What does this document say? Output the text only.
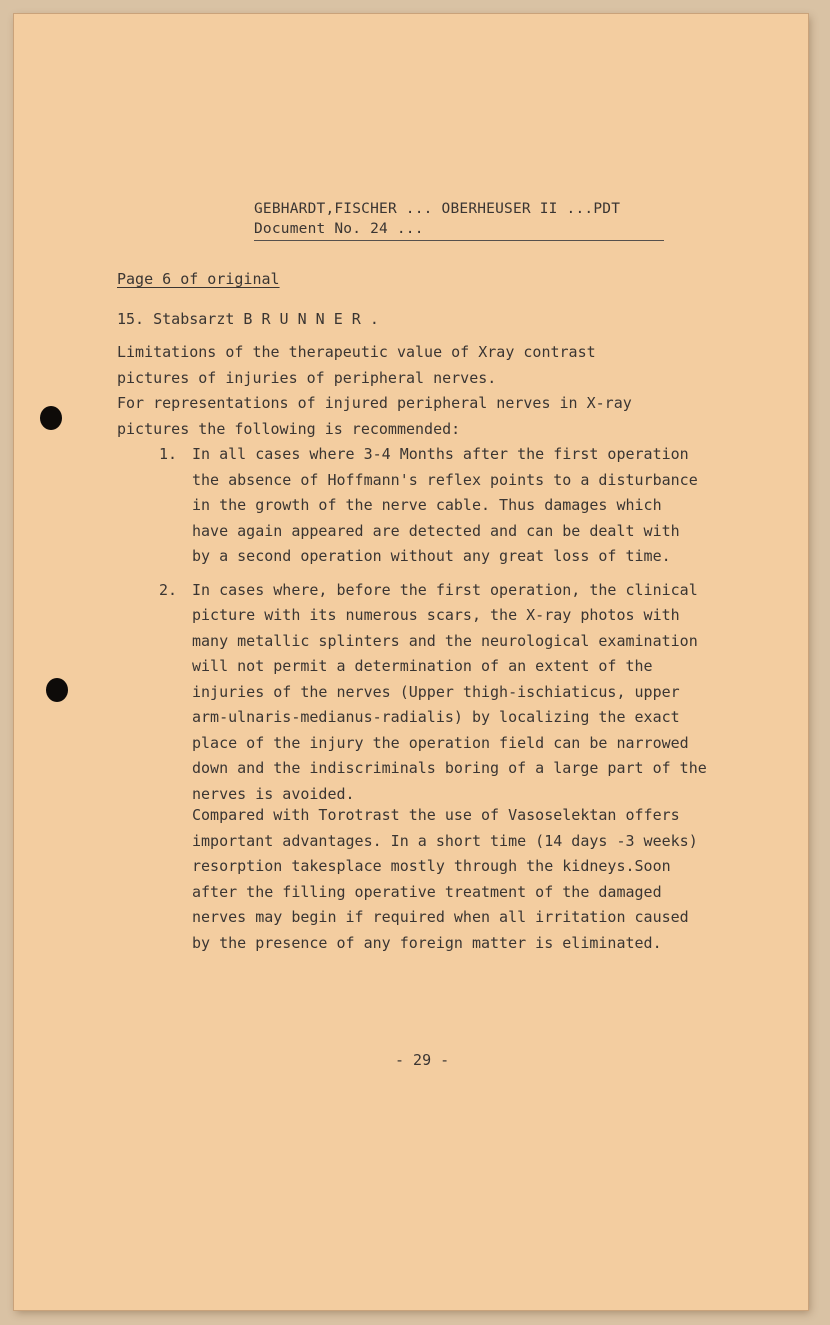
GEBHARDT,FISCHER ... OBERHEUSER II ...PDT
Document No. 24 ...
Page 6 of original
15. Stabsarzt B R U N N E R .
Limitations of the therapeutic value of Xray contrast
pictures of injuries of peripheral nerves.
For representations of injured peripheral nerves in X-ray
pictures the following is recommended:
1. In all cases where 3-4 Months after the first operation
the absence of Hoffmann's reflex points to a disturbance
in the growth of the nerve cable. Thus damages which
have again appeared are detected and can be dealt with
by a second operation without any great loss of time.
2. In cases where, before the first operation, the clinical
picture with its numerous scars, the X-ray photos with
many metallic splinters and the neurological examination
will not permit a determination of an extent of the
injuries of the nerves (Upper thigh-ischiaticus, upper
arm-ulnaris-medianus-radialis) by localizing the exact
place of the injury the operation field can be narrowed
down and the indiscriminals boring of a large part of the
nerves is avoided.
Compared with Torotrast the use of Vasoselektan offers
important advantages. In a short time (14 days -3 weeks)
resorption takesplace mostly through the kidneys.Soon
after the filling operative treatment of the damaged
nerves may begin if required when all irritation caused
by the presence of any foreign matter is eliminated.
- 29 -
